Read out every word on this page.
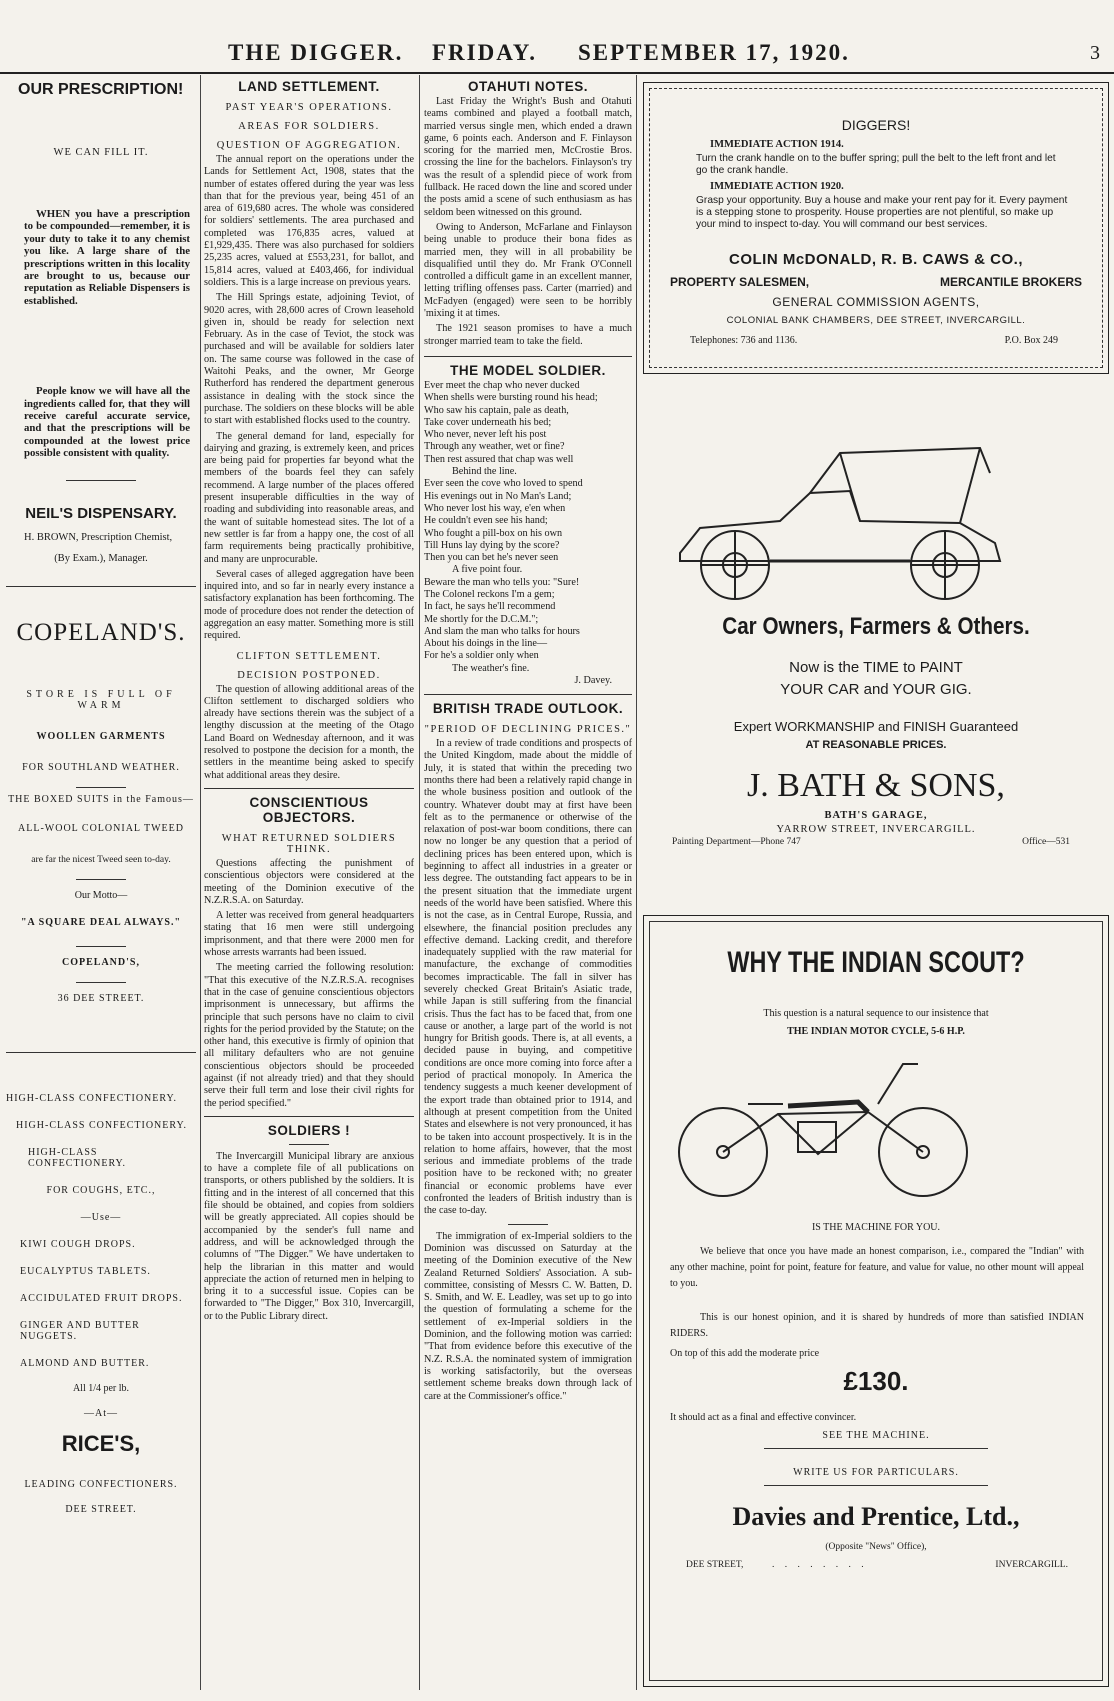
THE DIGGER. FRIDAY. SEPTEMBER 17, 1920.	3
OUR PRESCRIPTION!
WE CAN FILL IT.
WHEN you have a prescription to be compounded—remember, it is your duty to take it to any chemist you like. A large share of the prescriptions written in this locality are brought to us, because our reputation as Reliable Dispensers is established.
People know we will have all the ingredients called for, that they will receive careful accurate service, and that the prescriptions will be compounded at the lowest price possible consistent with quality.
NEIL'S DISPENSARY.
H. BROWN, Prescription Chemist,
(By Exam.), Manager.
COPELAND'S.
STORE IS FULL OF WARM
WOOLLEN GARMENTS
FOR SOUTHLAND WEATHER.
THE BOXED SUITS in the Famous—
ALL-WOOL COLONIAL TWEED
are far the nicest Tweed seen to-day.
Our Motto—
"A SQUARE DEAL ALWAYS."
COPELAND'S,
36 DEE STREET.
HIGH-CLASS CONFECTIONERY.
HIGH-CLASS CONFECTIONERY.
HIGH-CLASS CONFECTIONERY.
FOR COUGHS, ETC.,
—Use—
KIWI COUGH DROPS.
EUCALYPTUS TABLETS.
ACCIDULATED FRUIT DROPS.
GINGER AND BUTTER NUGGETS.
ALMOND AND BUTTER.
All 1/4 per lb.
—At—
RICE'S,
LEADING CONFECTIONERS.
DEE STREET.
LAND SETTLEMENT.
PAST YEAR'S OPERATIONS.
AREAS FOR SOLDIERS.
QUESTION OF AGGREGATION.
The annual report on the operations under the Lands for Settlement Act, 1908, states that the number of estates offered during the year was less than that for the previous year, being 451 of an area of 619,680 acres. The whole was considered for soldiers' settlements. The area purchased and completed was 176,835 acres, valued at £1,929,435. There was also purchased for soldiers 25,235 acres, valued at £553,231, for ballot, and 15,814 acres, valued at £403,466, for individual soldiers. This is a large increase on previous years.
The Hill Springs estate, adjoining Teviot, of 9020 acres, with 28,600 acres of Crown leasehold given in, should be ready for selection next February. As in the case of Teviot, the stock was purchased and will be available for soldiers later on. The same course was followed in the case of Waitohi Peaks, and the owner, Mr George Rutherford has rendered the department generous assistance in dealing with the stock since the purchase. The soldiers on these blocks will be able to start with established flocks used to the country.
The general demand for land, especially for dairying and grazing, is extremely keen, and prices are being paid for properties far beyond what the members of the boards feel they can safely recommend. A large number of the places offered present insuperable difficulties in the way of roading and subdividing into reasonable areas, and the want of suitable homestead sites. The lot of a new settler is far from a happy one, the cost of all farm requirements being practically prohibitive, and many are unprocurable.
Several cases of alleged aggregation have been inquired into, and so far in nearly every instance a satisfactory explanation has been forthcoming. The mode of procedure does not render the detection of aggregation an easy matter. Something more is still required.
CLIFTON SETTLEMENT.
DECISION POSTPONED.
The question of allowing additional areas of the Clifton settlement to discharged soldiers who already have sections therein was the subject of a lengthy discussion at the meeting of the Otago Land Board on Wednesday afternoon, and it was resolved to postpone the decision for a month, the settlers in the meantime being asked to specify what additional areas they desire.
CONSCIENTIOUS OBJECTORS.
WHAT RETURNED SOLDIERS THINK.
Questions affecting the punishment of conscientious objectors were considered at the meeting of the Dominion executive of the N.Z.R.S.A. on Saturday.
A letter was received from general headquarters stating that 16 men were still undergoing imprisonment, and that there were 2000 men for whose arrests warrants had been issued.
The meeting carried the following resolution: "That this executive of the N.Z.R.S.A. recognises that in the case of genuine conscientious objectors imprisonment is unnecessary, but affirms the principle that such persons have no claim to civil rights for the period provided by the Statute; on the other hand, this executive is firmly of opinion that all military defaulters who are not genuine conscientious objectors should be proceeded against (if not already tried) and that they should serve their full term and lose their civil rights for the period specified."
SOLDIERS !
The Invercargill Municipal library are anxious to have a complete file of all publications on transports, or others published by the soldiers. It is fitting and in the interest of all concerned that this file should be obtained, and copies from soldiers will be greatly appreciated. All copies should be accompanied by the sender's full name and address, and will be acknowledged through the columns of "The Digger." We have undertaken to help the librarian in this matter and would appreciate the action of returned men in helping to bring it to a successful issue. Copies can be forwarded to "The Digger," Box 310, Invercargill, or to the Public Library direct.
OTAHUTI NOTES.
Last Friday the Wright's Bush and Otahuti teams combined and played a football match, married versus single men, which ended a drawn game, 6 points each. Anderson and F. Finlayson scoring for the married men, McCrostie Bros. crossing the line for the bachelors. Finlayson's try was the result of a splendid piece of work from fullback. He raced down the line and scored under the posts amid a scene of such enthusiasm as has seldom been witnessed on this ground.
Owing to Anderson, McFarlane and Finlayson being unable to produce their bona fides as married men, they will in all probability be disqualified until they do. Mr Frank O'Connell controlled a difficult game in an excellent manner, letting trifling offenses pass. Carter (married) and McFadyen (engaged) were seen to be horribly 'mixing it at times.
The 1921 season promises to have a much stronger married team to take the field.
THE MODEL SOLDIER.
Ever meet the chap who never ducked
When shells were bursting round his head;
Who saw his captain, pale as death,
Take cover underneath his bed;
Who never, never left his post
Through any weather, wet or fine?
Then rest assured that chap was well
Behind the line.
Ever seen the cove who loved to spend
His evenings out in No Man's Land;
Who never lost his way, e'en when
He couldn't even see his hand;
Who fought a pill-box on his own
Till Huns lay dying by the score?
Then you can bet he's never seen
A five point four.
Beware the man who tells you: "Sure!
The Colonel reckons I'm a gem;
In fact, he says he'll recommend
Me shortly for the D.C.M.";
And slam the man who talks for hours
About his doings in the line—
For he's a soldier only when
The weather's fine.
J. Davey.
BRITISH TRADE OUTLOOK.
"PERIOD OF DECLINING PRICES."
In a review of trade conditions and prospects of the United Kingdom, made about the middle of July, it is stated that within the preceding two months there had been a relatively rapid change in the whole business position and outlook of the country. Whatever doubt may at first have been felt as to the permanence or otherwise of the relaxation of post-war boom conditions, there can now no longer be any question that a period of declining prices has been entered upon, which is beginning to affect all industries in a greater or less degree. The outstanding fact appears to be in the present situation that the immediate urgent needs of the world have been satisfied. Where this is not the case, as in Central Europe, Russia, and elsewhere, the financial position precludes any effective demand. Lacking credit, and therefore inadequately supplied with the raw material for manufacture, the exchange of commodities becomes impracticable. The fall in silver has severely checked Great Britain's Asiatic trade, while Japan is still suffering from the financial crisis. Thus the fact has to be faced that, from one cause or another, a large part of the world is not hungry for British goods. There is, at all events, a decided pause in buying, and competitive conditions are once more coming into force after a period of practical monopoly. In America the tendency suggests a much keener development of the export trade than obtained prior to 1914, and although at present competition from the United States and elsewhere is not very pronounced, it has to be taken into account prospectively. It is in the relation to home affairs, however, that the most serious and immediate problems of the trade position have to be reckoned with; no greater financial or economic problems have ever confronted the leaders of British industry than is the case to-day.
The immigration of ex-Imperial soldiers to the Dominion was discussed on Saturday at the meeting of the Dominion executive of the New Zealand Returned Soldiers' Association. A sub-committee, consisting of Messrs C. W. Batten, D. S. Smith, and W. E. Leadley, was set up to go into the question of formulating a scheme for the settlement of ex-Imperial soldiers in the Dominion, and the following motion was carried: "That from evidence before this executive of the N.Z. R.S.A. the nominated system of immigration is working satisfactorily, but the overseas settlement scheme breaks down through lack of care at the Commissioner's office."
DIGGERS!
IMMEDIATE ACTION 1914.
Turn the crank handle on to the buffer spring; pull the belt to the left front and let go the crank handle.
IMMEDIATE ACTION 1920.
Grasp your opportunity. Buy a house and make your rent pay for it. Every payment is a stepping stone to prosperity. House properties are not plentiful, so make up your mind to inspect to-day. You will command our best services.
COLIN McDONALD, R. B. CAWS & CO.,
PROPERTY SALESMEN,	MERCANTILE BROKERS
GENERAL COMMISSION AGENTS,
COLONIAL BANK CHAMBERS, DEE STREET, INVERCARGILL.
Telephones: 736 and 1136.	P.O. Box 249
Car Owners, Farmers & Others.
Now is the TIME to PAINT
YOUR CAR and YOUR GIG.
Expert WORKMANSHIP and FINISH Guaranteed
AT REASONABLE PRICES.
J. BATH & SONS,
BATH'S GARAGE,
YARROW STREET, INVERCARGILL.
Painting Department—Phone 747	Office—531
WHY THE INDIAN SCOUT?
This question is a natural sequence to our insistence that
THE INDIAN MOTOR CYCLE, 5-6 H.P.
IS THE MACHINE FOR YOU.
We believe that once you have made an honest comparison, i.e., compared the "Indian" with any other machine, point for point, feature for feature, and value for value, no other mount will appeal to you.
This is our honest opinion, and it is shared by hundreds of more than satisfied INDIAN RIDERS.
On top of this add the moderate price
£130.
It should act as a final and effective convincer.
SEE THE MACHINE.
WRITE US FOR PARTICULARS.
Davies and Prentice, Ltd.,
(Opposite "News" Office),
DEE STREET,	. . . . . . . .	INVERCARGILL.
